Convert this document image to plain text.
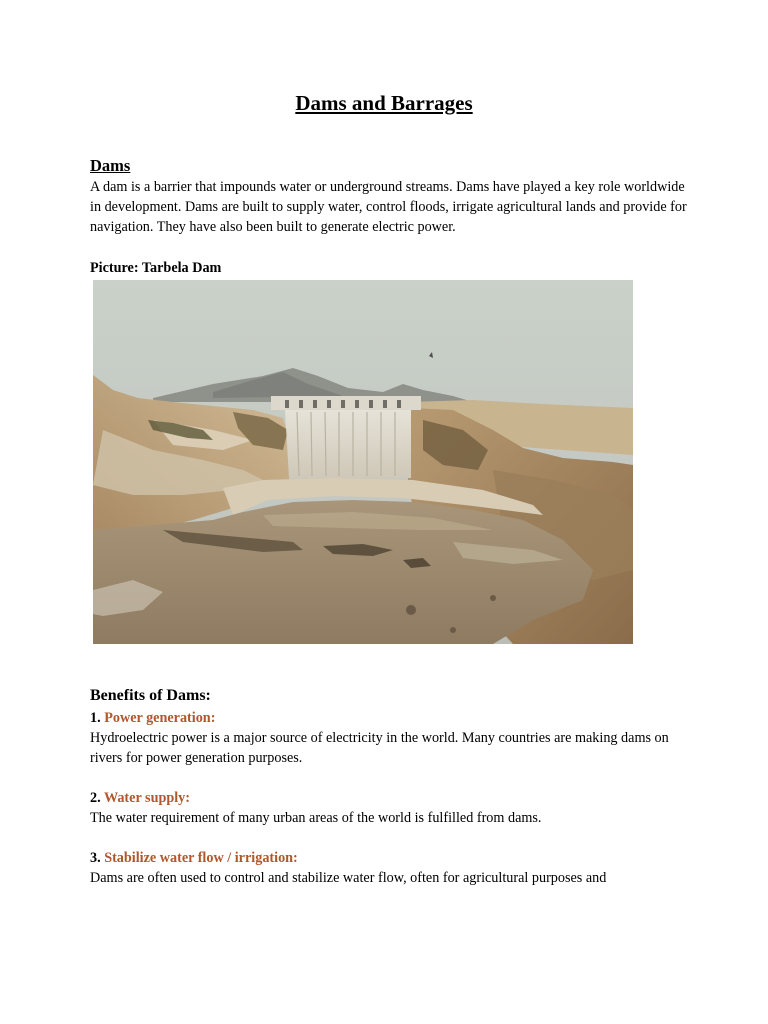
Dams and Barrages
Dams
A dam is a barrier that impounds water or underground streams. Dams have played a key role worldwide in development. Dams are built to supply water, control floods, irrigate agricultural lands and provide for navigation. They have also been built to generate electric power.
Picture: Tarbela Dam
Benefits of Dams:
1. Power generation:
Hydroelectric power is a major source of electricity in the world. Many countries are making dams on rivers for power generation purposes.
2. Water supply:
The water requirement of many urban areas of the world is fulfilled from dams.
3. Stabilize water flow / irrigation:
Dams are often used to control and stabilize water flow, often for agricultural purposes and
